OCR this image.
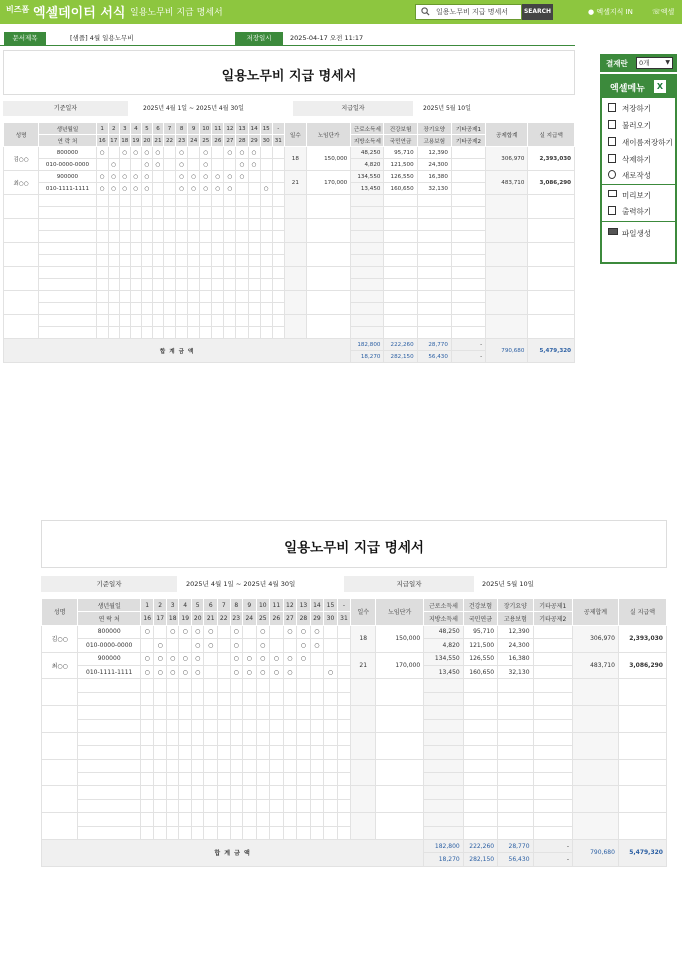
비즈폼 엑셀데이터 서식 일용노무비 지급 명세서	일용노무비 지급 명세서	SEARCH	● 엑셀지식 IN	☏엑셀
문서제목	[샘플] 4월 일용노무비	저장일시	2025-04-17 오전 11:17
일용노무비 지급 명세서
기준일자	2025년 4월 1일 ~ 2025년 4월 30일	지급일자	2025년 5월 10일
성명	생년월일	1	2	3	4	5	6	7	8	9	10	11	12	13	14	15	-	일수	노임단가	근로소득세	건강보험	장기요양	기타공제1	공제합계	실 지급액
	연 락 처	16	17	18	19	20	21	22	23	24	25	26	27	28	29	30	31			지방소득세	국민연금	고용보험	기타공제2		
김○○	800000	○		○	○	○	○		○		○		○	○	○			18	150,000	48,250	95,710	12,390		306,970	2,393,030
	010-0000-0000		○			○	○		○		○			○	○					4,820	121,500	24,300			
최○○	900000	○	○	○	○	○			○	○	○	○	○	○				21	170,000	134,550	126,550	16,380		483,710	3,086,290
	010-1111-1111	○	○	○	○	○			○	○	○	○	○			○				13,450	160,650	32,130			

합 계 금 액																				182,800	222,260	28,770	-	790,680	5,479,320
																				18,270	282,150	56,430	-		
일용노무비 지급 명세서
기준일자	2025년 4월 1일 ~ 2025년 4월 30일	지급일자	2025년 5월 10일
성명	생년월일	1	2	3	4	5	6	7	8	9	10	11	12	13	14	15	-	일수	노임단가	근로소득세	건강보험	장기요양	기타공제1	공제합계	실 지급액
	연 락 처	16	17	18	19	20	21	22	23	24	25	26	27	28	29	30	31			지방소득세	국민연금	고용보험	기타공제2		
김○○	800000	○		○	○	○	○		○		○		○	○	○			18	150,000	48,250	95,710	12,390		306,970	2,393,030
	010-0000-0000		○			○	○		○		○			○	○					4,820	121,500	24,300			
최○○	900000	○	○	○	○	○			○	○	○	○	○	○				21	170,000	134,550	126,550	16,380		483,710	3,086,290
	010-1111-1111	○	○	○	○	○			○	○	○	○	○			○				13,450	160,650	32,130			

합 계 금 액																				182,800	222,260	28,770	-	790,680	5,479,320
																				18,270	282,150	56,430	-		
결재란	0개	▼
엑셀메뉴	X
저장하기
불러오기
새이름저장하기
삭제하기
새로작성
미리보기
출력하기
파일생성
